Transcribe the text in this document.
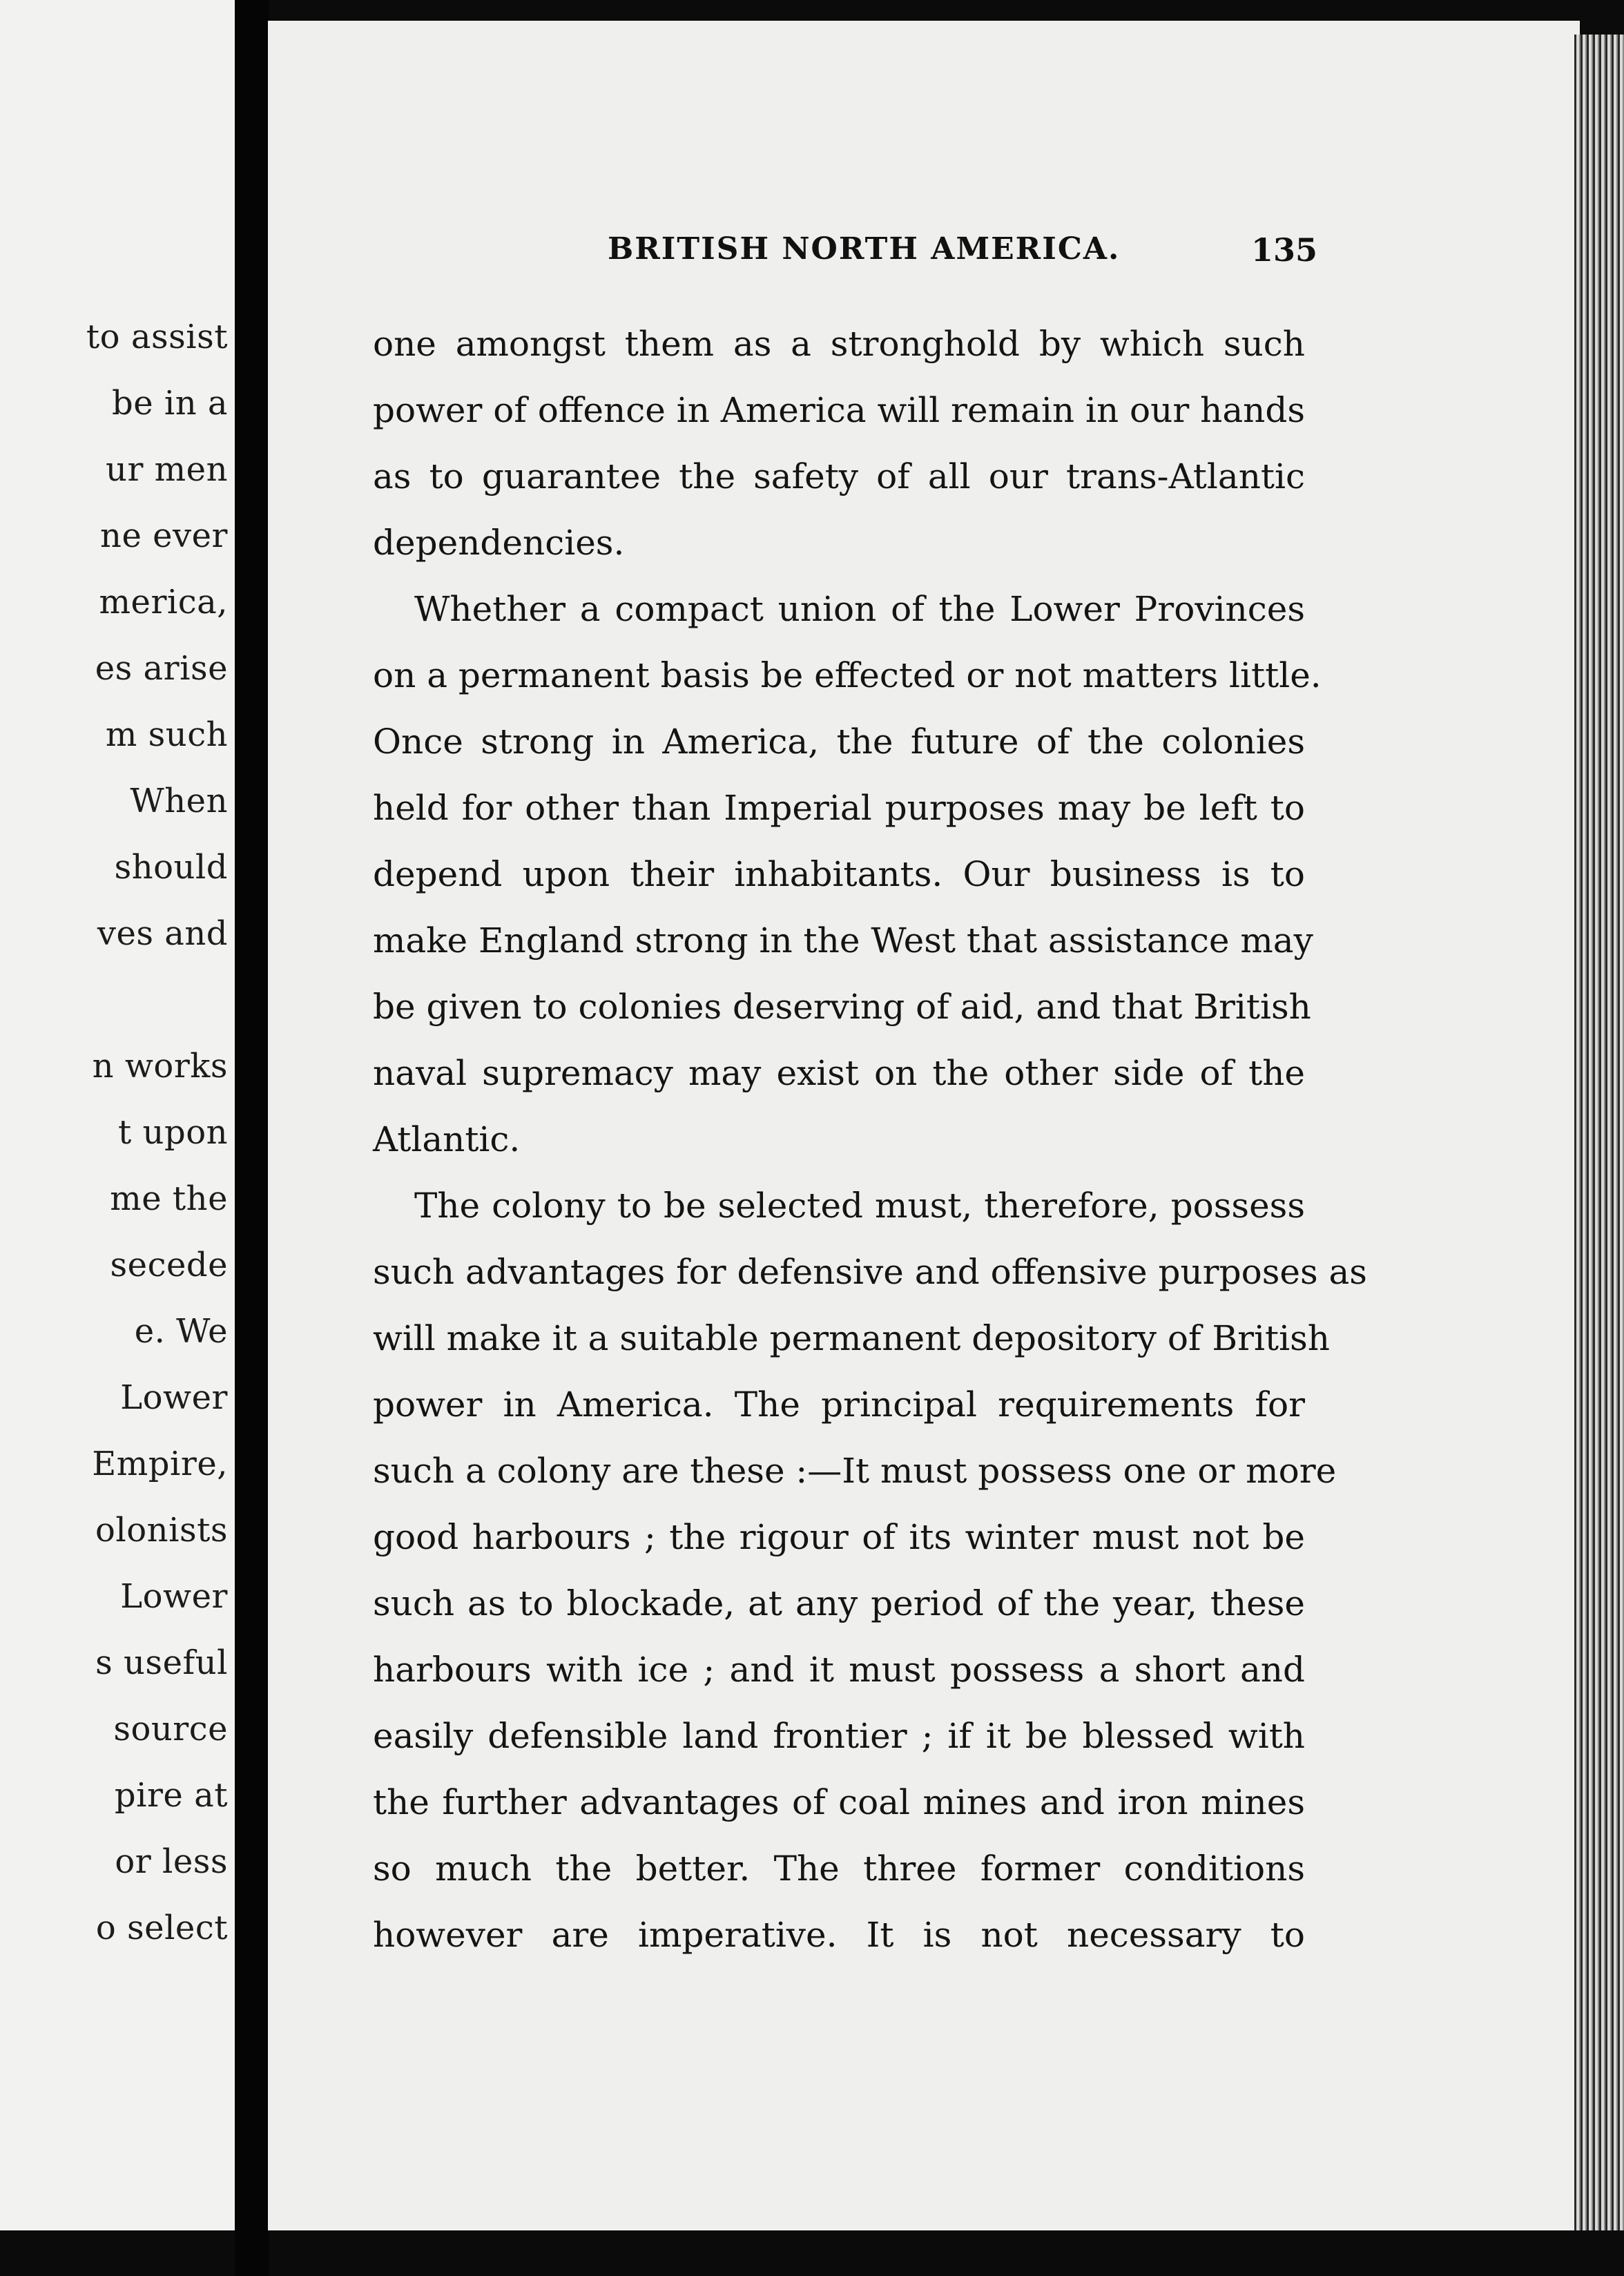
to assist
be in a
ur men
ne ever
merica,
es arise
m such
When
should
ves and
n works
t upon
me the
secede
e. We
Lower
Empire,
olonists
Lower
s useful
source
pire at
or less
o select
BRITISH NORTH AMERICA.	135
one amongst them as a stronghold by which such
power of offence in America will remain in our hands
as to guarantee the safety of all our trans-Atlantic
dependencies.
Whether a compact union of the Lower Provinces
on a permanent basis be effected or not matters little.
Once strong in America, the future of the colonies
held for other than Imperial purposes may be left to
depend upon their inhabitants. Our business is to
make England strong in the West that assistance may
be given to colonies deserving of aid, and that British
naval supremacy may exist on the other side of the
Atlantic.
The colony to be selected must, therefore, possess
such advantages for defensive and offensive purposes as
will make it a suitable permanent depository of British
power in America. The principal requirements for
such a colony are these :—It must possess one or more
good harbours ; the rigour of its winter must not be
such as to blockade, at any period of the year, these
harbours with ice ; and it must possess a short and
easily defensible land frontier ; if it be blessed with
the further advantages of coal mines and iron mines
so much the better. The three former conditions
however are imperative. It is not necessary to
